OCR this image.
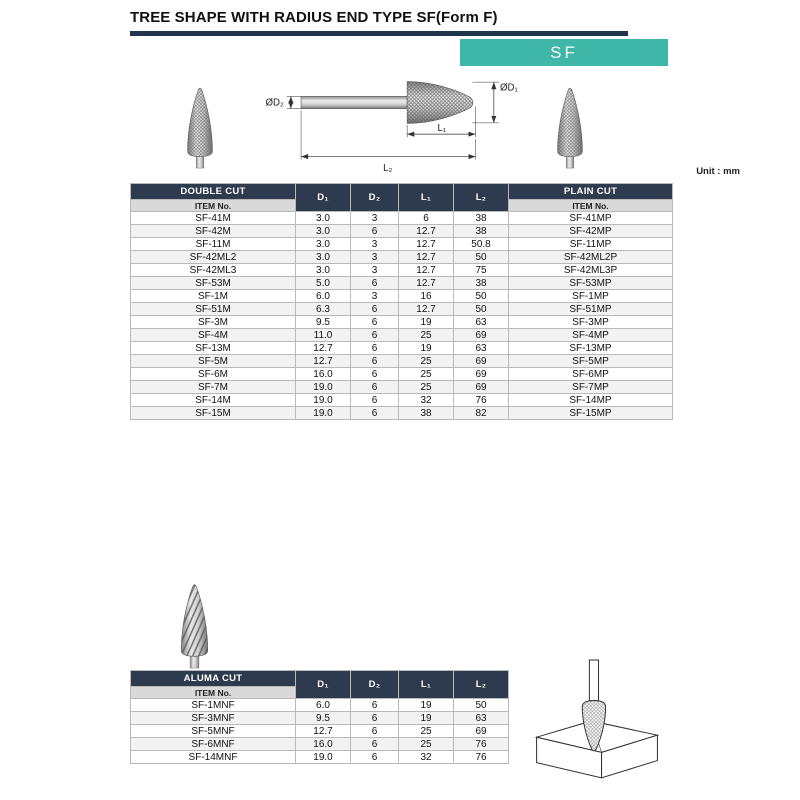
TREE SHAPE WITH RADIUS END TYPE SF(Form F)
SF
ØD₂
ØD₁
L₁
L₂	Unit : mm
DOUBLE CUT	D₁	D₂	L₁	L₂	PLAIN CUT
ITEM No.					ITEM No.
SF-41M	3.0	3	6	38	SF-41MP
SF-42M	3.0	6	12.7	38	SF-42MP
SF-11M	3.0	3	12.7	50.8	SF-11MP
SF-42ML2	3.0	3	12.7	50	SF-42ML2P
SF-42ML3	3.0	3	12.7	75	SF-42ML3P
SF-53M	5.0	6	12.7	38	SF-53MP
SF-1M	6.0	3	16	50	SF-1MP
SF-51M	6.3	6	12.7	50	SF-51MP
SF-3M	9.5	6	19	63	SF-3MP
SF-4M	11.0	6	25	69	SF-4MP
SF-13M	12.7	6	19	63	SF-13MP
SF-5M	12.7	6	25	69	SF-5MP
SF-6M	16.0	6	25	69	SF-6MP
SF-7M	19.0	6	25	69	SF-7MP
SF-14M	19.0	6	32	76	SF-14MP
SF-15M	19.0	6	38	82	SF-15MP
ALUMA CUT	D₁	D₂	L₁	L₂
ITEM No.				
SF-1MNF	6.0	6	19	50
SF-3MNF	9.5	6	19	63
SF-5MNF	12.7	6	25	69
SF-6MNF	16.0	6	25	76
SF-14MNF	19.0	6	32	76
